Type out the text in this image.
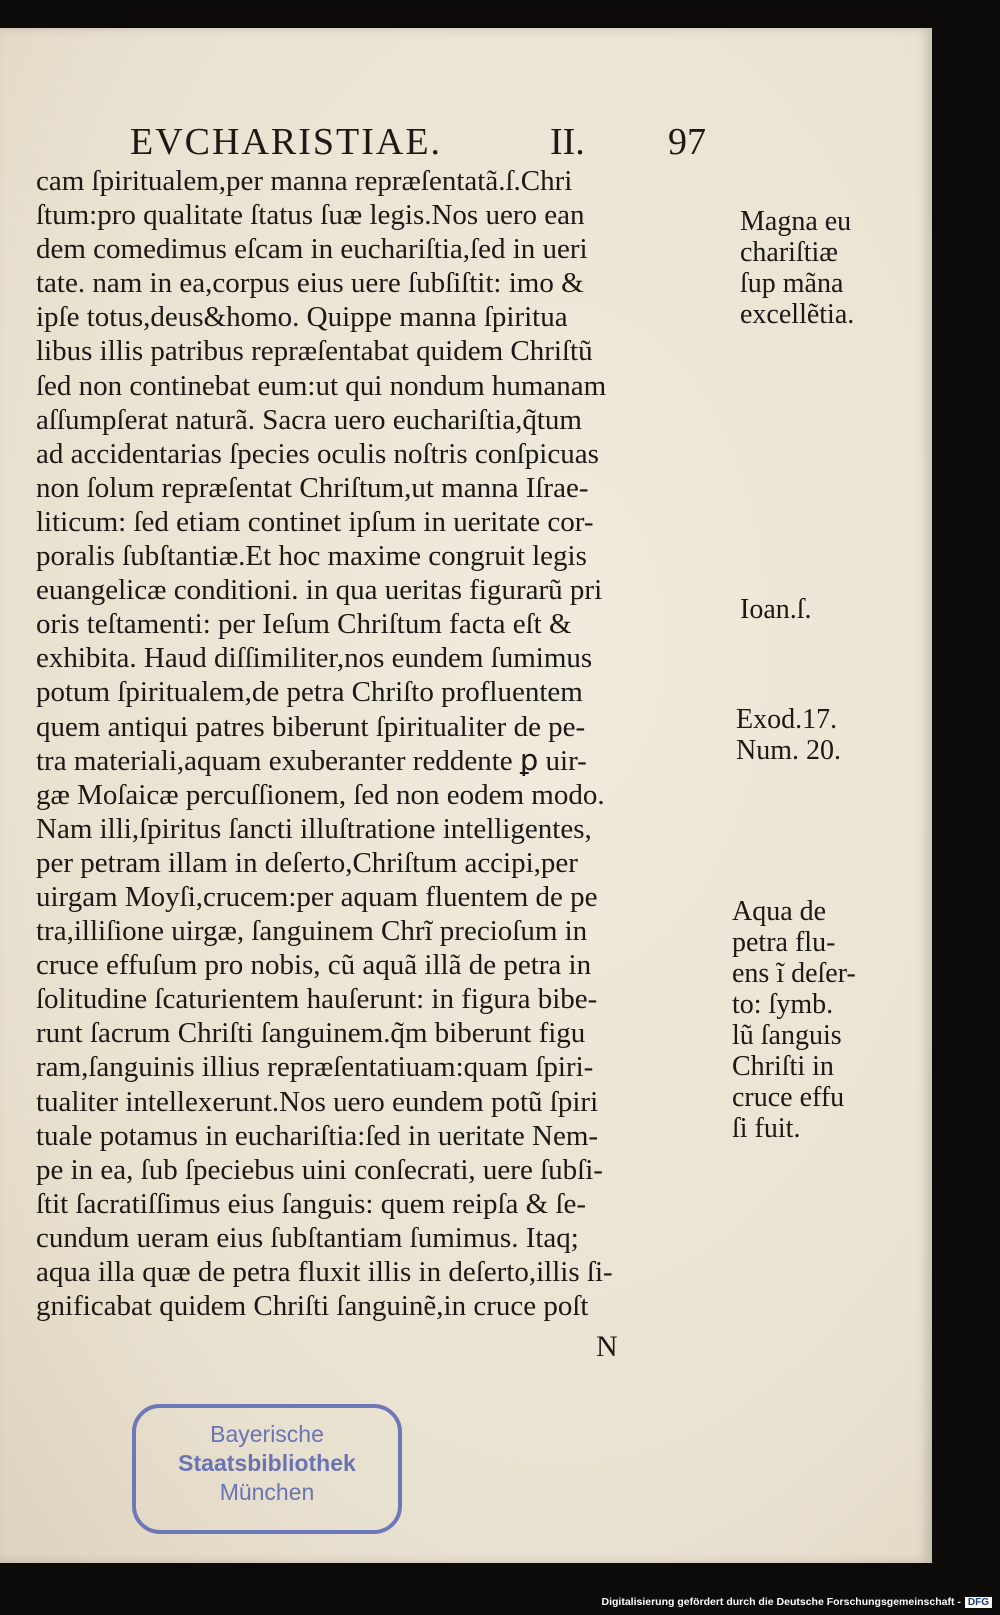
EVCHARISTIAE.	II. 97
cam ſpiritualem,per manna repræſentatã.ſ.Chri
ſtum:pro qualitate ſtatus ſuæ legis.Nos uero ean
dem comedimus eſcam in euchariſtia,ſed in ueri
tate. nam in ea,corpus eius uere ſubſiſtit: imo &
ipſe totus,deus&homo. Quippe manna ſpiritua
libus illis patribus repræſentabat quidem Chriſtũ
ſed non continebat eum:ut qui nondum humanam
aſſumpſerat naturã. Sacra uero euchariſtia,q̃tum
ad accidentarias ſpecies oculis noſtris conſpicuas
non ſolum repræſentat Chriſtum,ut manna Iſrae-
liticum: ſed etiam continet ipſum in ueritate cor-
poralis ſubſtantiæ.Et hoc maxime congruit legis
euangelicæ conditioni. in qua ueritas figurarũ pri
oris teſtamenti: per Ieſum Chriſtum facta eſt &
exhibita. Haud diſſimiliter,nos eundem ſumimus
potum ſpiritualem,de petra Chriſto profluentem
quem antiqui patres biberunt ſpiritualiter de pe-
tra materiali,aquam exuberanter reddente ꝑ uir-
gæ Moſaicæ percuſſionem, ſed non eodem modo.
Nam illi,ſpiritus ſancti illuſtratione intelligentes,
per petram illam in deſerto,Chriſtum accipi,per
uirgam Moyſi,crucem:per aquam fluentem de pe
tra,illiſione uirgæ, ſanguinem Chrĩ precioſum in
cruce effuſum pro nobis, cũ aquã illã de petra in
ſolitudine ſcaturientem hauſerunt: in figura bibe-
runt ſacrum Chriſti ſanguinem.q̃m biberunt figu
ram,ſanguinis illius repræſentatiuam:quam ſpiri-
tualiter intellexerunt.Nos uero eundem potũ ſpiri
tuale potamus in euchariſtia:ſed in ueritate Nem-
pe in ea, ſub ſpeciebus uini conſecrati, uere ſubſi-
ſtit ſacratiſſimus eius ſanguis: quem reipſa & ſe-
cundum ueram eius ſubſtantiam ſumimus. Itaq;
aqua illa quæ de petra fluxit illis in deſerto,illis ſi-
gnificabat quidem Chriſti ſanguinẽ,in cruce poſt
Magna eu
chariſtiæ
ſup mãna
excellẽtia.
Ioan.ſ.
Exod.17.
Num. 20.
Aqua de
petra flu-
ens ĩ deſer-
to: ſymb.
lũ ſanguis
Chriſti in
cruce effu
ſi fuit.
N
Bayerische
Staatsbibliothek
München
Digitalisierung gefördert durch die Deutsche Forschungsgemeinschaft - DFG
